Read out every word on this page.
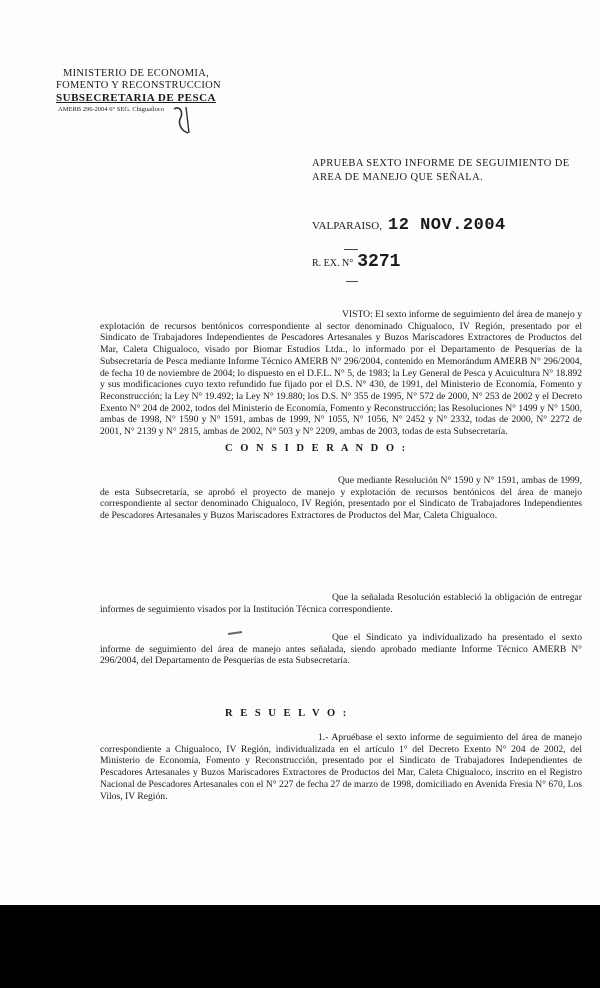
MINISTERIO DE ECONOMIA,
FOMENTO Y RECONSTRUCCION
SUBSECRETARIA DE PESCA
AMERB 296-2004 6° SEG. Chiguaíloco
APRUEBA SEXTO INFORME DE SEGUIMIENTO DE AREA DE MANEJO QUE SEÑALA.
VALPARAISO, 12 NOV.2004
R. EX. N° 3271
VISTO: El sexto informe de seguimiento del área de manejo y explotación de recursos bentónicos correspondiente al sector denominado Chigualoco, IV Región, presentado por el Sindicato de Trabajadores Independientes de Pescadores Artesanales y Buzos Mariscadores Extractores de Productos del Mar, Caleta Chigualoco, visado por Biomar Estudios Ltda., lo informado por el Departamento de Pesquerías de la Subsecretaría de Pesca mediante Informe Técnico AMERB N° 296/2004, contenido en Memorándum AMERB N° 296/2004, de fecha 10 de noviembre de 2004; lo dispuesto en el D.F.L. N° 5, de 1983; la Ley General de Pesca y Acuicultura N° 18.892 y sus modificaciones cuyo texto refundido fue fijado por el D.S. N° 430, de 1991, del Ministerio de Economía, Fomento y Reconstrucción; la Ley N° 19.492; la Ley N° 19.880; los D.S. N° 355 de 1995, N° 572 de 2000, N° 253 de 2002 y el Decreto Exento N° 204 de 2002, todos del Ministerio de Economía, Fomento y Reconstrucción; las Resoluciones N° 1499 y N° 1500, ambas de 1998, N° 1590 y N° 1591, ambas de 1999, N° 1055, N° 1056, N° 2452 y N° 2332, todas de 2000, N° 2272 de 2001, N° 2139 y N° 2815, ambas de 2002, N° 503 y N° 2209, ambas de 2003, todas de esta Subsecretaría.
C O N S I D E R A N D O :
Que mediante Resolución N° 1590 y N° 1591, ambas de 1999, de esta Subsecretaría, se aprobó el proyecto de manejo y explotación de recursos bentónicos del área de manejo correspondiente al sector denominado Chigualoco, IV Región, presentado por el Sindicato de Trabajadores Independientes de Pescadores Artesanales y Buzos Mariscadores Extractores de Productos del Mar, Caleta Chigualoco.
Que la señalada Resolución estableció la obligación de entregar informes de seguimiento visados por la Institución Técnica correspondiente.
Que el Sindicato ya individualizado ha presentado el sexto informe de seguimiento del área de manejo antes señalada, siendo aprobado mediante Informe Técnico AMERB N° 296/2004, del Departamento de Pesquerías de esta Subsecretaría.
R E S U E L V O :
1.- Apruébase el sexto informe de seguimiento del área de manejo correspondiente a Chigualoco, IV Región, individualizada en el artículo 1° del Decreto Exento N° 204 de 2002, del Ministerio de Economía, Fomento y Reconstrucción, presentado por el Sindicato de Trabajadores Independientes de Pescadores Artesanales y Buzos Mariscadores Extractores de Productos del Mar, Caleta Chigualoco, inscrito en el Registro Nacional de Pescadores Artesanales con el N° 227 de fecha 27 de marzo de 1998, domiciliado en Avenida Fresia N° 670, Los Vilos, IV Región.
